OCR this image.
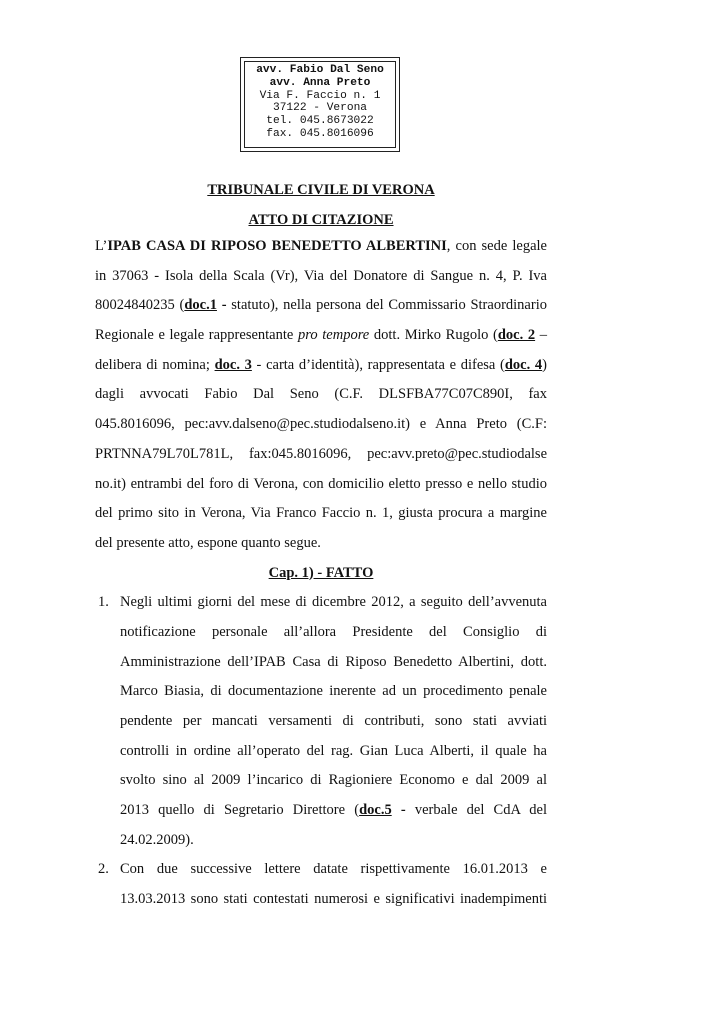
avv. Fabio Dal Seno
avv. Anna Preto
Via F. Faccio n. 1
37122 - Verona
tel. 045.8673022
fax. 045.8016096
TRIBUNALE CIVILE DI VERONA
ATTO DI CITAZIONE
L’IPAB CASA DI RIPOSO BENEDETTO ALBERTINI, con sede legale
in 37063 - Isola della Scala (Vr), Via del Donatore di Sangue n. 4, P. Iva
80024840235 (doc.1 - statuto), nella persona del Commissario Straordinario
Regionale e legale rappresentante pro tempore dott. Mirko Rugolo (doc. 2 –
delibera di nomina; doc. 3 - carta d’identità), rappresentata e difesa (doc. 4)
dagli avvocati Fabio Dal Seno (C.F. DLSFBA77C07C890I, fax
045.8016096, pec:avv.dalseno@pec.studiodalseno.it) e Anna Preto (C.F:
PRTNNA79L70L781L, fax:045.8016096, pec:avv.preto@pec.studiodalse
no.it) entrambi del foro di Verona, con domicilio eletto presso e nello studio
del primo sito in Verona, Via Franco Faccio n. 1, giusta procura a margine
del presente atto, espone quanto segue.
Cap. 1) - FATTO
1. Negli ultimi giorni del mese di dicembre 2012, a seguito dell’avvenuta
notificazione personale all’allora Presidente del Consiglio di
Amministrazione dell’IPAB Casa di Riposo Benedetto Albertini, dott.
Marco Biasia, di documentazione inerente ad un procedimento penale
pendente per mancati versamenti di contributi, sono stati avviati
controlli in ordine all’operato del rag. Gian Luca Alberti, il quale ha
svolto sino al 2009 l’incarico di Ragioniere Economo e dal 2009 al
2013 quello di Segretario Direttore (doc.5 - verbale del CdA del
24.02.2009).
2. Con due successive lettere datate rispettivamente 16.01.2013 e
13.03.2013 sono stati contestati numerosi e significativi inadempimenti
